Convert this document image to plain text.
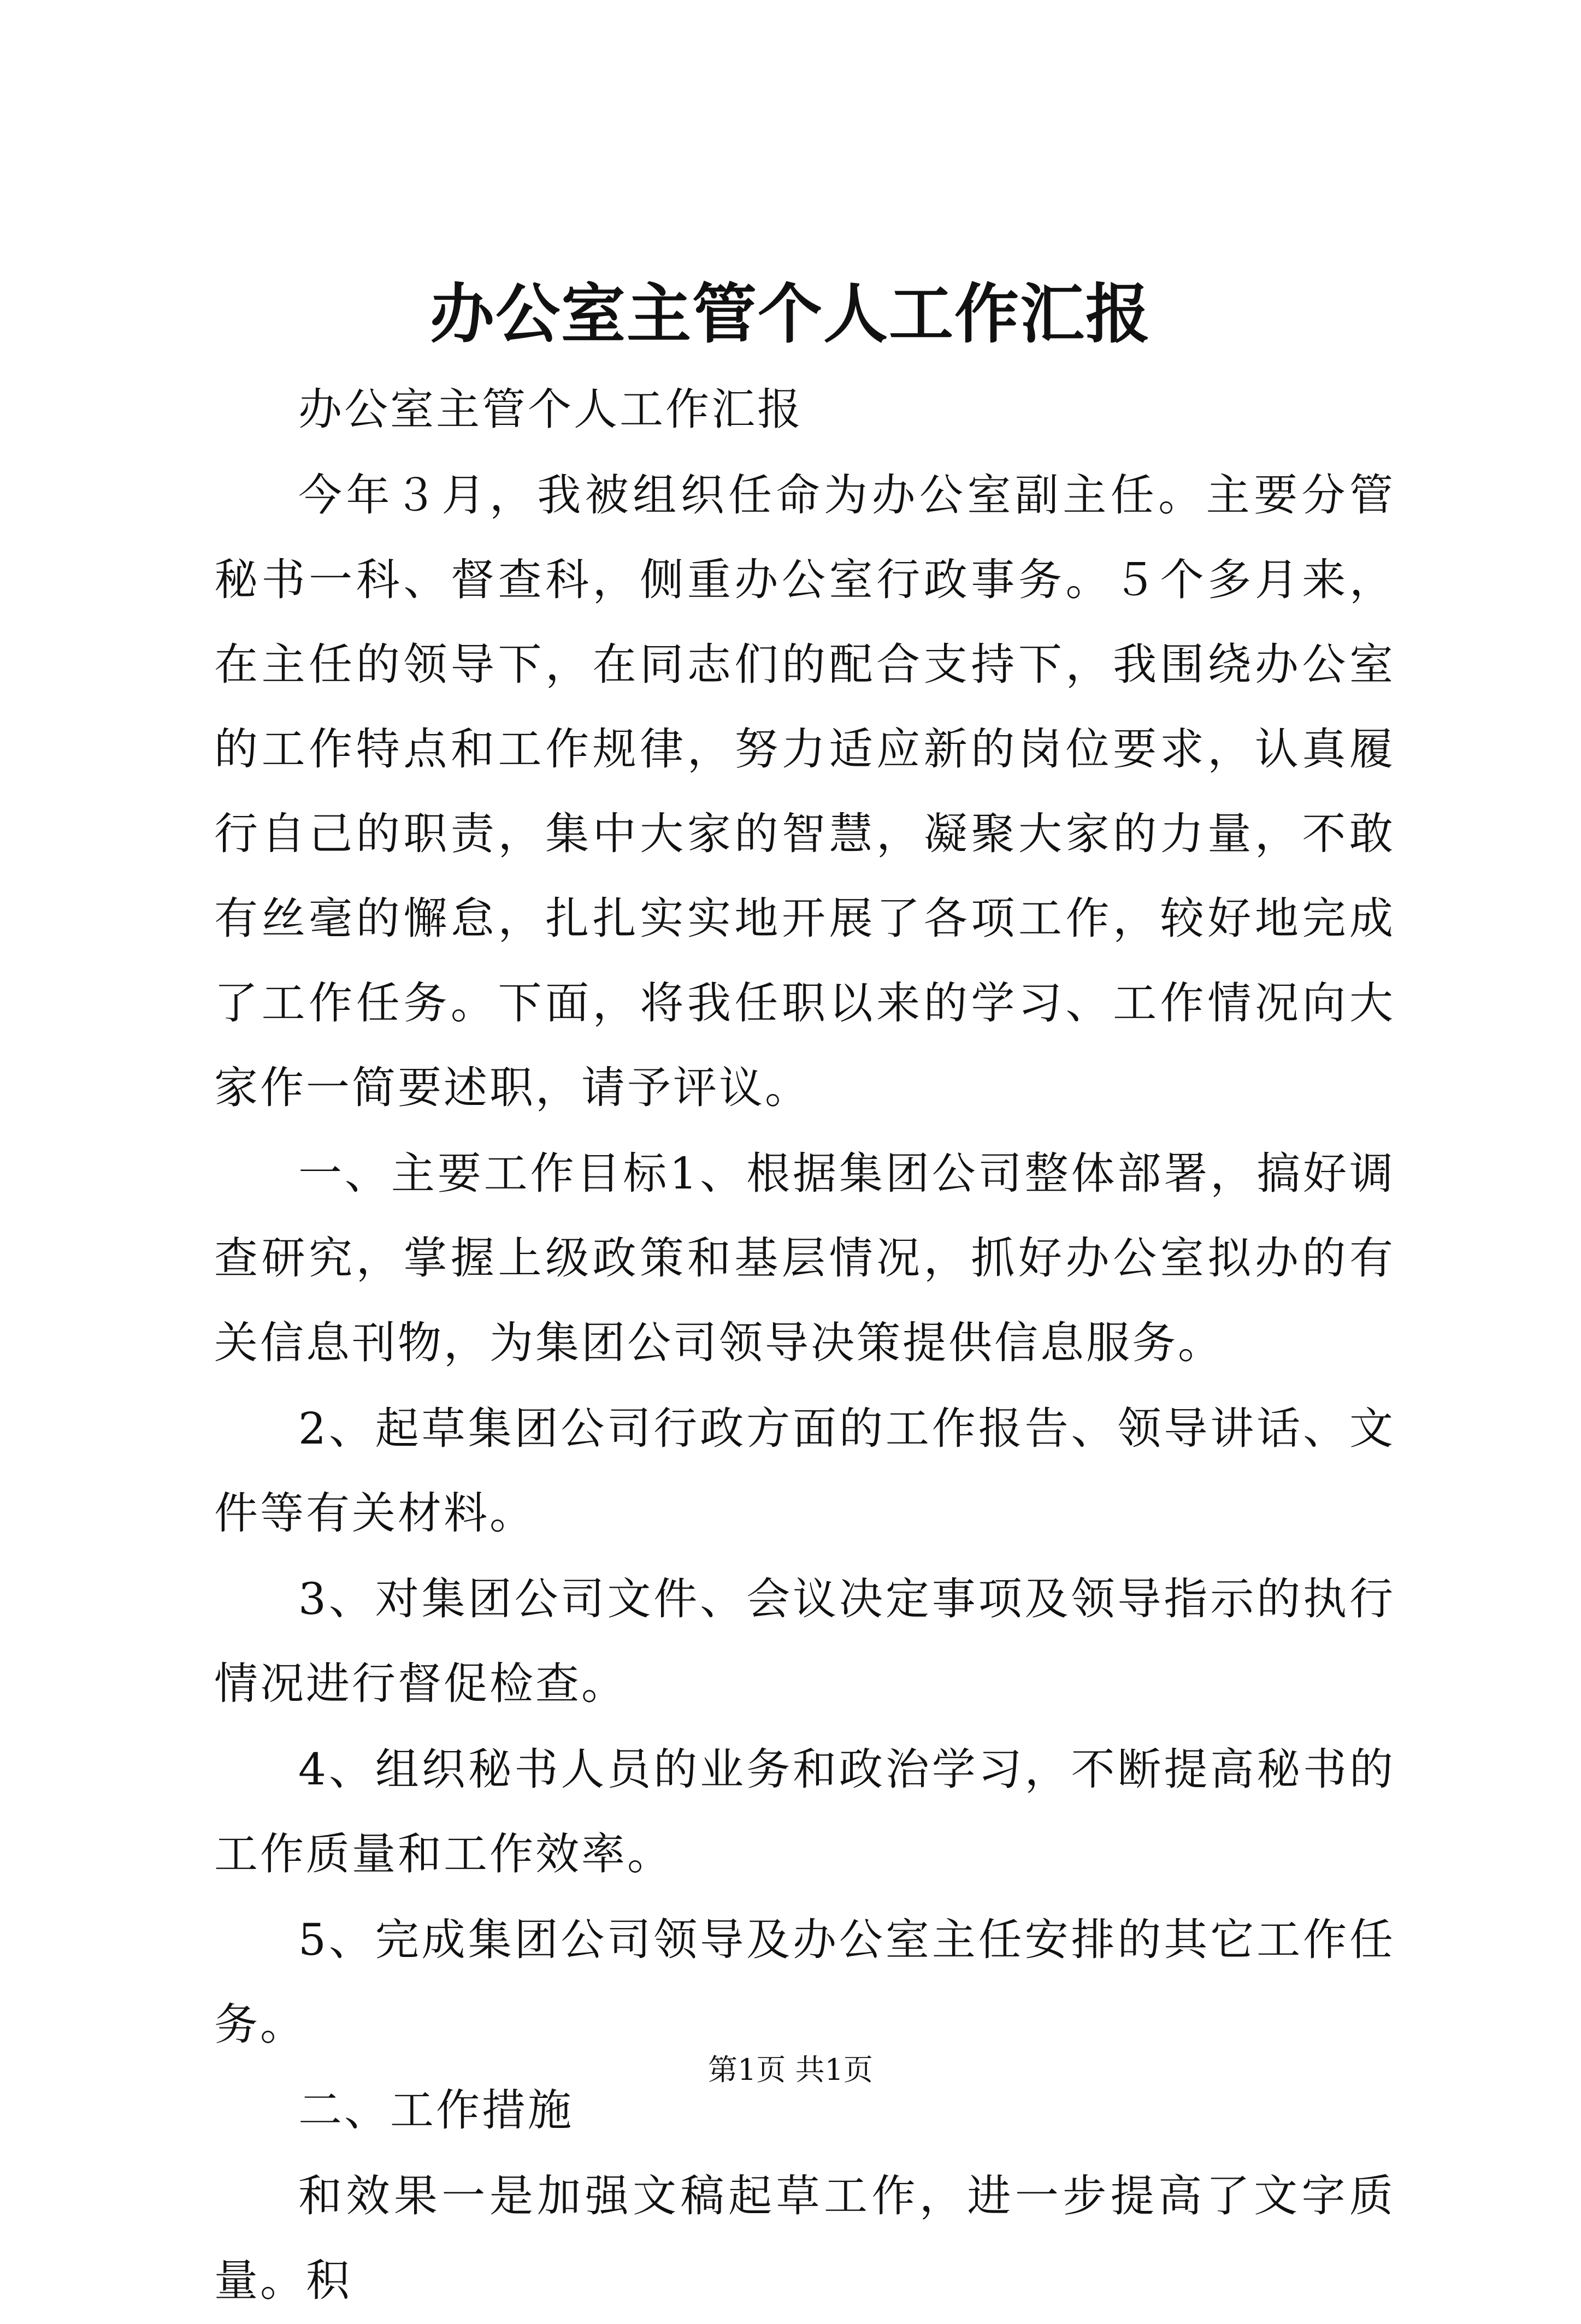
办公室主管个人工作汇报

办公室主管个人工作汇报

今年３月，我被组织任命为办公室副主任。主要分管秘书一科、督查科，侧重办公室行政事务。５个多月来，在主任的领导下，在同志们的配合支持下，我围绕办公室的工作特点和工作规律，努力适应新的岗位要求，认真履行自己的职责，集中大家的智慧，凝聚大家的力量，不敢有丝毫的懈怠，扎扎实实地开展了各项工作，较好地完成了工作任务。下面，将我任职以来的学习、工作情况向大家作一简要述职，请予评议。

一、主要工作目标1、根据集团公司整体部署，搞好调查研究，掌握上级政策和基层情况，抓好办公室拟办的有关信息刊物，为集团公司领导决策提供信息服务。

2、起草集团公司行政方面的工作报告、领导讲话、文件等有关材料。

3、对集团公司文件、会议决定事项及领导指示的执行情况进行督促检查。

4、组织秘书人员的业务和政治学习，不断提高秘书的工作质量和工作效率。

5、完成集团公司领导及办公室主任安排的其它工作任务。

二、工作措施

和效果一是加强文稿起草工作，进一步提高了文字质量。积

第1页 共1页
